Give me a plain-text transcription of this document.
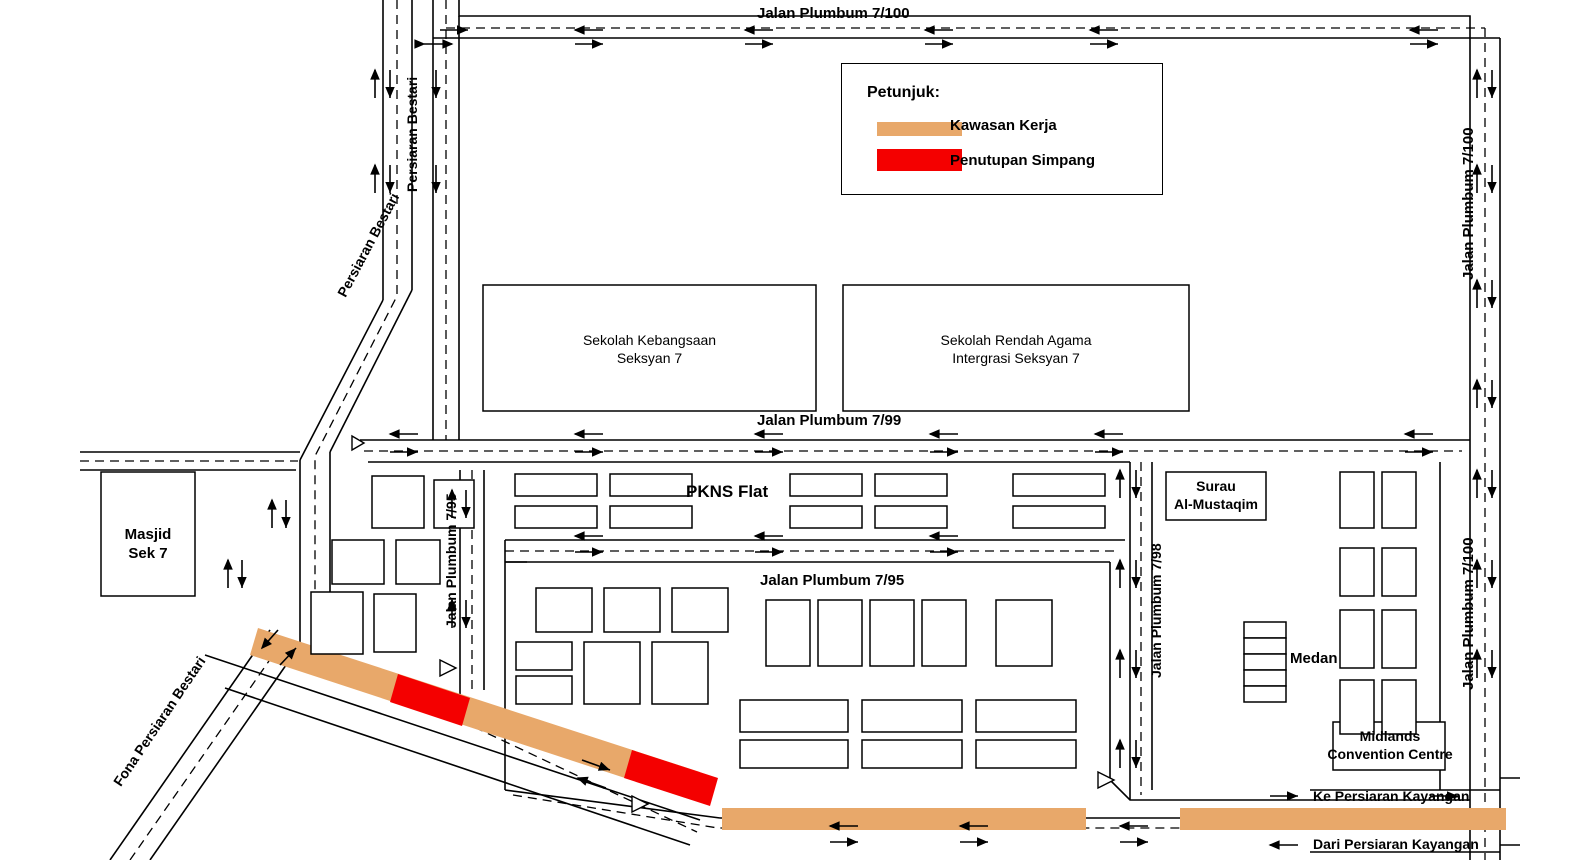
Jalan Plumbum 7/100
Jalan Plumbum 7/100
Jalan Plumbum 7/100
Jalan Plumbum 7/99
Jalan Plumbum 7/95
Jalan Plumbum 7/95	Jalan Plumbum 7/98
Persiaran Bestari
Persiaran Bestari
Fona Persiaran Bestari
Sekolah Kebangsaan
Seksyan 7
Sekolah Rendah Agama
Intergrasi Seksyan 7
PKNS Flat
Masjid
Sek 7
Surau
Al-Mustaqim
Medan
Midlands
Convention Centre
Ke Persiaran Kayangan
Dari Persiaran Kayangan
Petunjuk:
Kawasan Kerja
Penutupan Simpang
